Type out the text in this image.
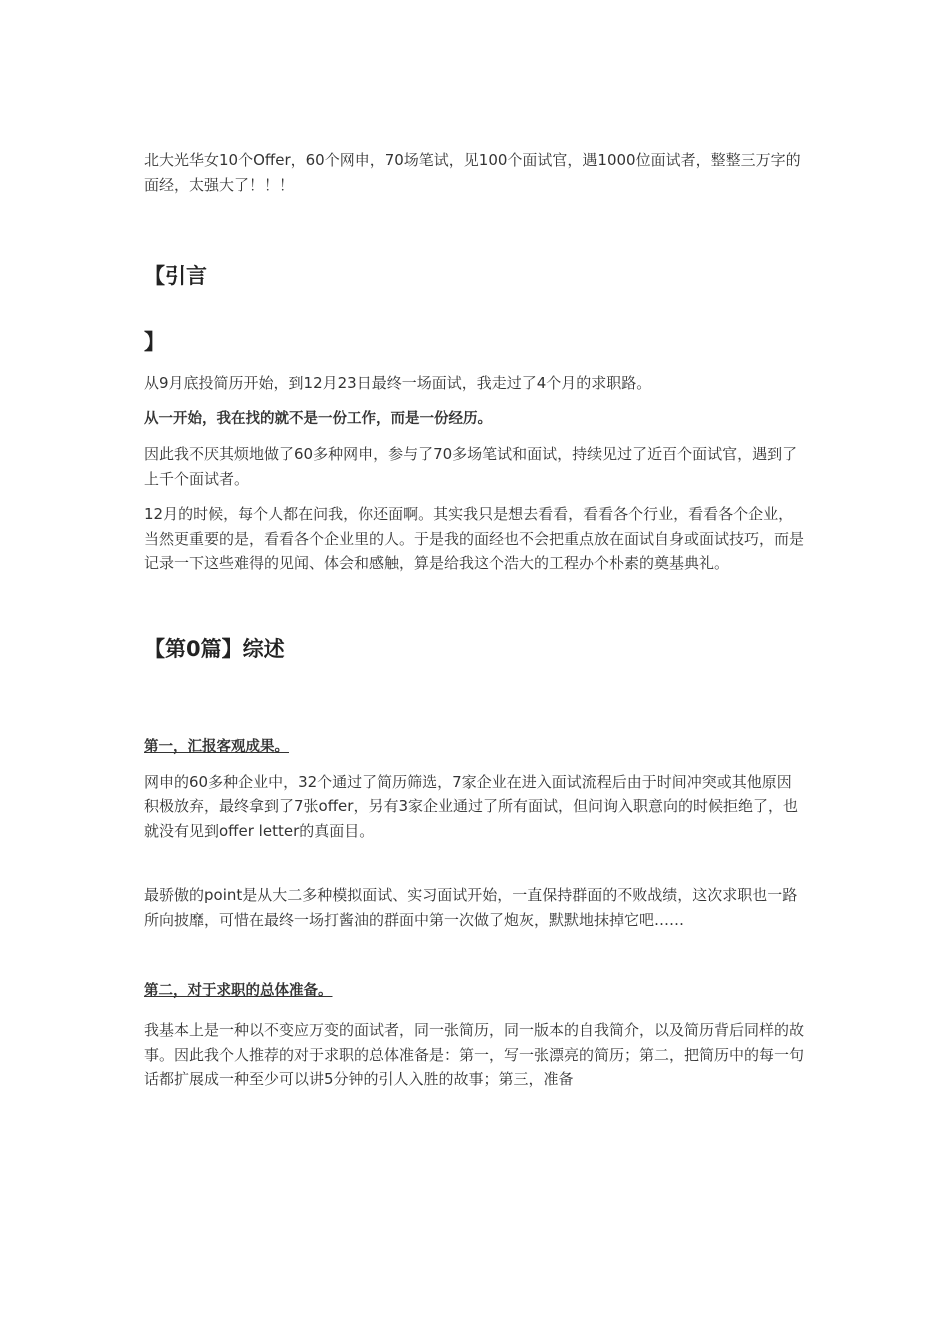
北大光华女10个Offer，60个网申，70场笔试，见100个面试官，遇1000位面试者，整整三万字的面经，太强大了！！！

【引言

】

从9月底投简历开始，到12月23日最终一场面试，我走过了4个月的求职路。

从一开始，我在找的就不是一份工作，而是一份经历。

因此我不厌其烦地做了60多种网申，参与了70多场笔试和面试，持续见过了近百个面试官，遇到了上千个面试者。

12月的时候，每个人都在问我，你还面啊。其实我只是想去看看，看看各个行业，看看各个企业，当然更重要的是，看看各个企业里的人。于是我的面经也不会把重点放在面试自身或面试技巧，而是记录一下这些难得的见闻、体会和感触，算是给我这个浩大的工程办个朴素的奠基典礼。

【第0篇】综述

第一，汇报客观成果。

网申的60多种企业中，32个通过了简历筛选，7家企业在进入面试流程后由于时间冲突或其他原因积极放弃，最终拿到了7张offer，另有3家企业通过了所有面试，但问询入职意向的时候拒绝了，也就没有见到offer letter的真面目。

最骄傲的point是从大二多种模拟面试、实习面试开始，一直保持群面的不败战绩，这次求职也一路所向披靡，可惜在最终一场打酱油的群面中第一次做了炮灰，默默地抹掉它吧……

第二，对于求职的总体准备。

我基本上是一种以不变应万变的面试者，同一张简历，同一版本的自我简介，以及简历背后同样的故事。因此我个人推荐的对于求职的总体准备是：第一，写一张漂亮的简历；第二，把简历中的每一句话都扩展成一种至少可以讲5分钟的引人入胜的故事；第三，准备
